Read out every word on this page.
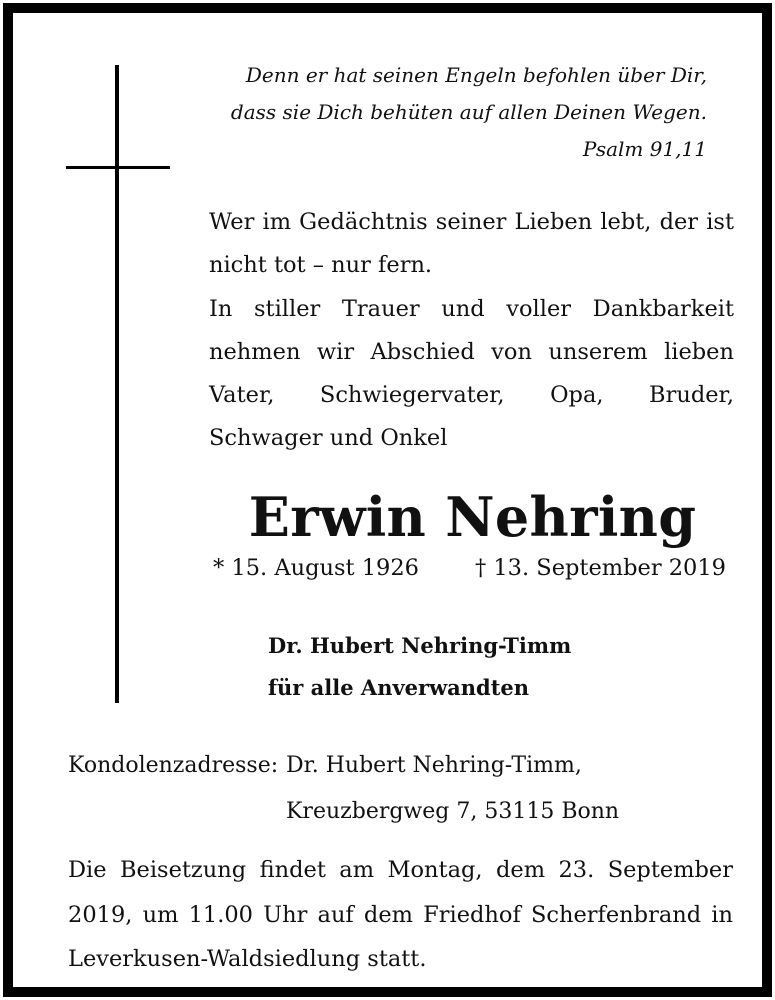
Denn er hat seinen Engeln befohlen über Dir,
dass sie Dich behüten auf allen Deinen Wegen.
Psalm 91,11

Wer im Gedächtnis seiner Lieben lebt, der ist nicht tot – nur fern.

In stiller Trauer und voller Dankbarkeit nehmen wir Abschied von unserem lieben Vater, Schwiegervater, Opa, Bruder, Schwager und Onkel

Erwin Nehring
* 15. August 1926 † 13. September 2019
Dr. Hubert Nehring-Timm
für alle Anverwandten
Kondolenzadresse: Dr. Hubert Nehring-Timm,
Kreuzbergweg 7, 53115 Bonn
Die Beisetzung findet am Montag, dem 23. September 2019, um 11.00 Uhr auf dem Friedhof Scherfenbrand in Leverkusen-Waldsiedlung statt.
